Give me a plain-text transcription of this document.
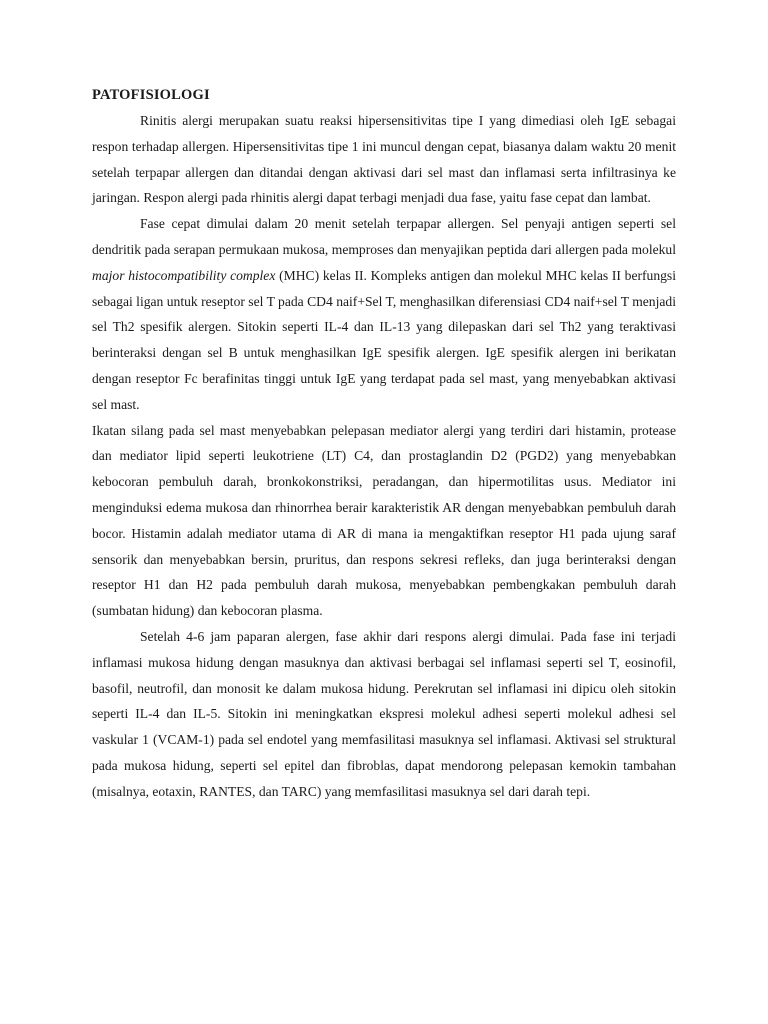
PATOFISIOLOGI

Rinitis alergi merupakan suatu reaksi hipersensitivitas tipe I yang dimediasi oleh IgE sebagai respon terhadap allergen. Hipersensitivitas tipe 1 ini muncul dengan cepat, biasanya dalam waktu 20 menit setelah terpapar allergen dan ditandai dengan aktivasi dari sel mast dan inflamasi serta infiltrasinya ke jaringan. Respon alergi pada rhinitis alergi dapat terbagi menjadi dua fase, yaitu fase cepat dan lambat.

Fase cepat dimulai dalam 20 menit setelah terpapar allergen. Sel penyaji antigen seperti sel dendritik pada serapan permukaan mukosa, memproses dan menyajikan peptida dari allergen pada molekul major histocompatibility complex (MHC) kelas II. Kompleks antigen dan molekul MHC kelas II berfungsi sebagai ligan untuk reseptor sel T pada CD4 naif+Sel T, menghasilkan diferensiasi CD4 naif+sel T menjadi sel Th2 spesifik alergen. Sitokin seperti IL-4 dan IL-13 yang dilepaskan dari sel Th2 yang teraktivasi berinteraksi dengan sel B untuk menghasilkan IgE spesifik alergen. IgE spesifik alergen ini berikatan dengan reseptor Fc berafinitas tinggi untuk IgE yang terdapat pada sel mast, yang menyebabkan aktivasi sel mast.

Ikatan silang pada sel mast menyebabkan pelepasan mediator alergi yang terdiri dari histamin, protease dan mediator lipid seperti leukotriene (LT) C4, dan prostaglandin D2 (PGD2) yang menyebabkan kebocoran pembuluh darah, bronkokonstriksi, peradangan, dan hipermotilitas usus. Mediator ini menginduksi edema mukosa dan rhinorrhea berair karakteristik AR dengan menyebabkan pembuluh darah bocor. Histamin adalah mediator utama di AR di mana ia mengaktifkan reseptor H1 pada ujung saraf sensorik dan menyebabkan bersin, pruritus, dan respons sekresi refleks, dan juga berinteraksi dengan reseptor H1 dan H2 pada pembuluh darah mukosa, menyebabkan pembengkakan pembuluh darah (sumbatan hidung) dan kebocoran plasma.

Setelah 4-6 jam paparan alergen, fase akhir dari respons alergi dimulai. Pada fase ini terjadi inflamasi mukosa hidung dengan masuknya dan aktivasi berbagai sel inflamasi seperti sel T, eosinofil, basofil, neutrofil, dan monosit ke dalam mukosa hidung. Perekrutan sel inflamasi ini dipicu oleh sitokin seperti IL-4 dan IL-5. Sitokin ini meningkatkan ekspresi molekul adhesi seperti molekul adhesi sel vaskular 1 (VCAM-1) pada sel endotel yang memfasilitasi masuknya sel inflamasi. Aktivasi sel struktural pada mukosa hidung, seperti sel epitel dan fibroblas, dapat mendorong pelepasan kemokin tambahan (misalnya, eotaxin, RANTES, dan TARC) yang memfasilitasi masuknya sel dari darah tepi.
